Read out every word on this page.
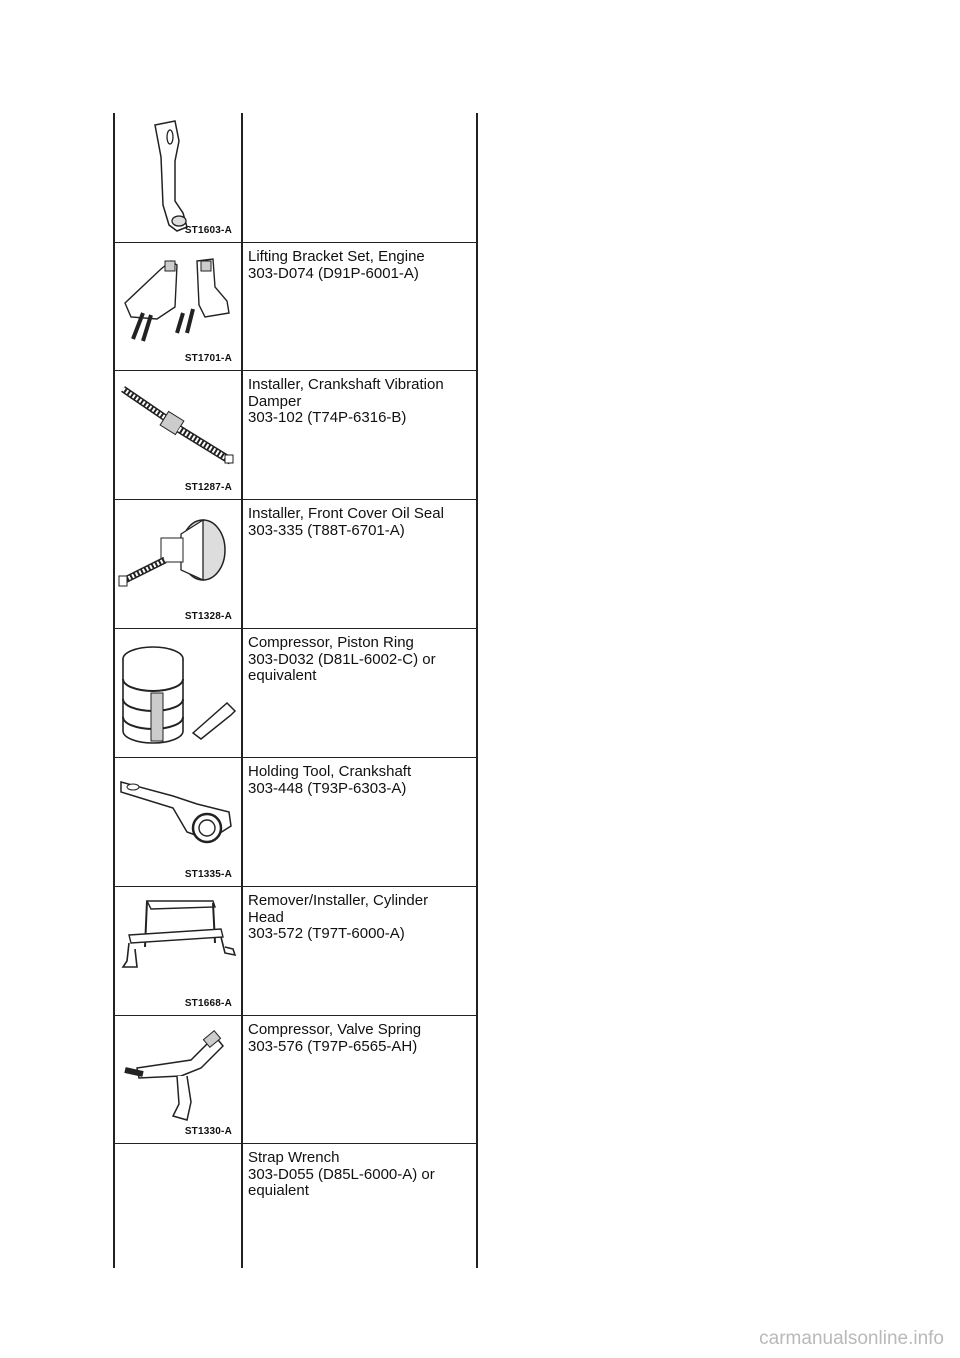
ST1603-A
ST1701-A
Lifting Bracket Set, Engine
303-D074 (D91P-6001-A)
ST1287-A
Installer, Crankshaft Vibration
Damper
303-102 (T74P-6316-B)
ST1328-A
Installer, Front Cover Oil Seal
303-335 (T88T-6701-A)
Compressor, Piston Ring
303-D032 (D81L-6002-C) or
equivalent
ST1335-A
Holding Tool, Crankshaft
303-448 (T93P-6303-A)
ST1668-A
Remover/Installer, Cylinder
Head
303-572 (T97T-6000-A)
ST1330-A
Compressor, Valve Spring
303-576 (T97P-6565-AH)
Strap Wrench
303-D055 (D85L-6000-A) or
equialent
carmanualsonline.info
